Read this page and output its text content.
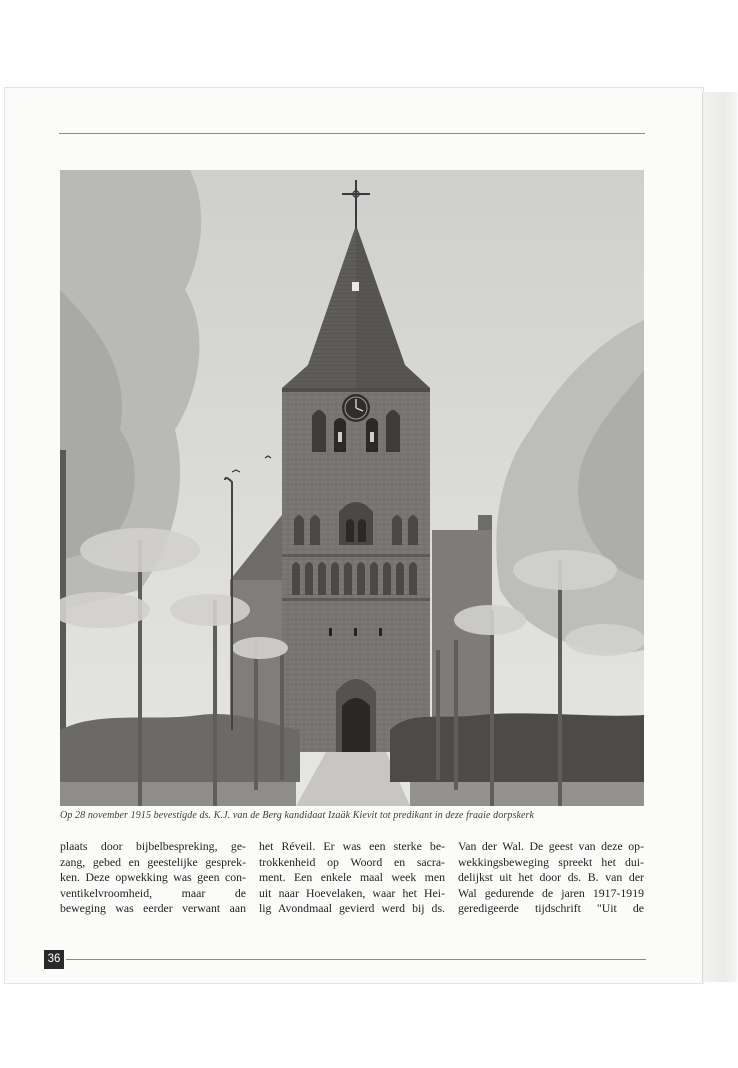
Op 28 november 1915 bevestigde ds. K.J. van de Berg kandidaat Izaäk Kievit tot predikant in deze fraaie dorpskerk
plaats door bijbelbespreking, ge-
zang, gebed en geestelijke gesprek-
ken. Deze opwekking was geen con-
ventikelvroomheid, maar de
beweging was eerder verwant aan
het Réveil. Er was een sterke be-
trokkenheid op Woord en sacra-
ment. Een enkele maal week men
uit naar Hoevelaken, waar het Hei-
lig Avondmaal gevierd werd bij ds.
Van der Wal. De geest van deze op-
wekkingsbeweging spreekt het dui-
delijkst uit het door ds. B. van der
Wal gedurende de jaren 1917-1919
geredigeerde tijdschrift "Uit de
36
